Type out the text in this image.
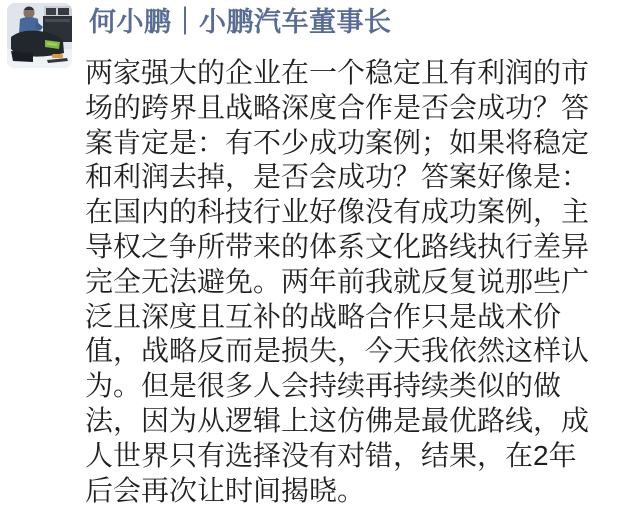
何小鹏｜小鹏汽车董事长
两家强大的企业在一个稳定且有利润的市
场的跨界且战略深度合作是否会成功？答
案肯定是：有不少成功案例；如果将稳定
和利润去掉，是否会成功？答案好像是：
在国内的科技行业好像没有成功案例，主
导权之争所带来的体系文化路线执行差异
完全无法避免。两年前我就反复说那些广
泛且深度且互补的战略合作只是战术价
值，战略反而是损失，今天我依然这样认
为。但是很多人会持续再持续类似的做
法，因为从逻辑上这仿佛是最优路线，成
人世界只有选择没有对错，结果，在2年
后会再次让时间揭晓。
